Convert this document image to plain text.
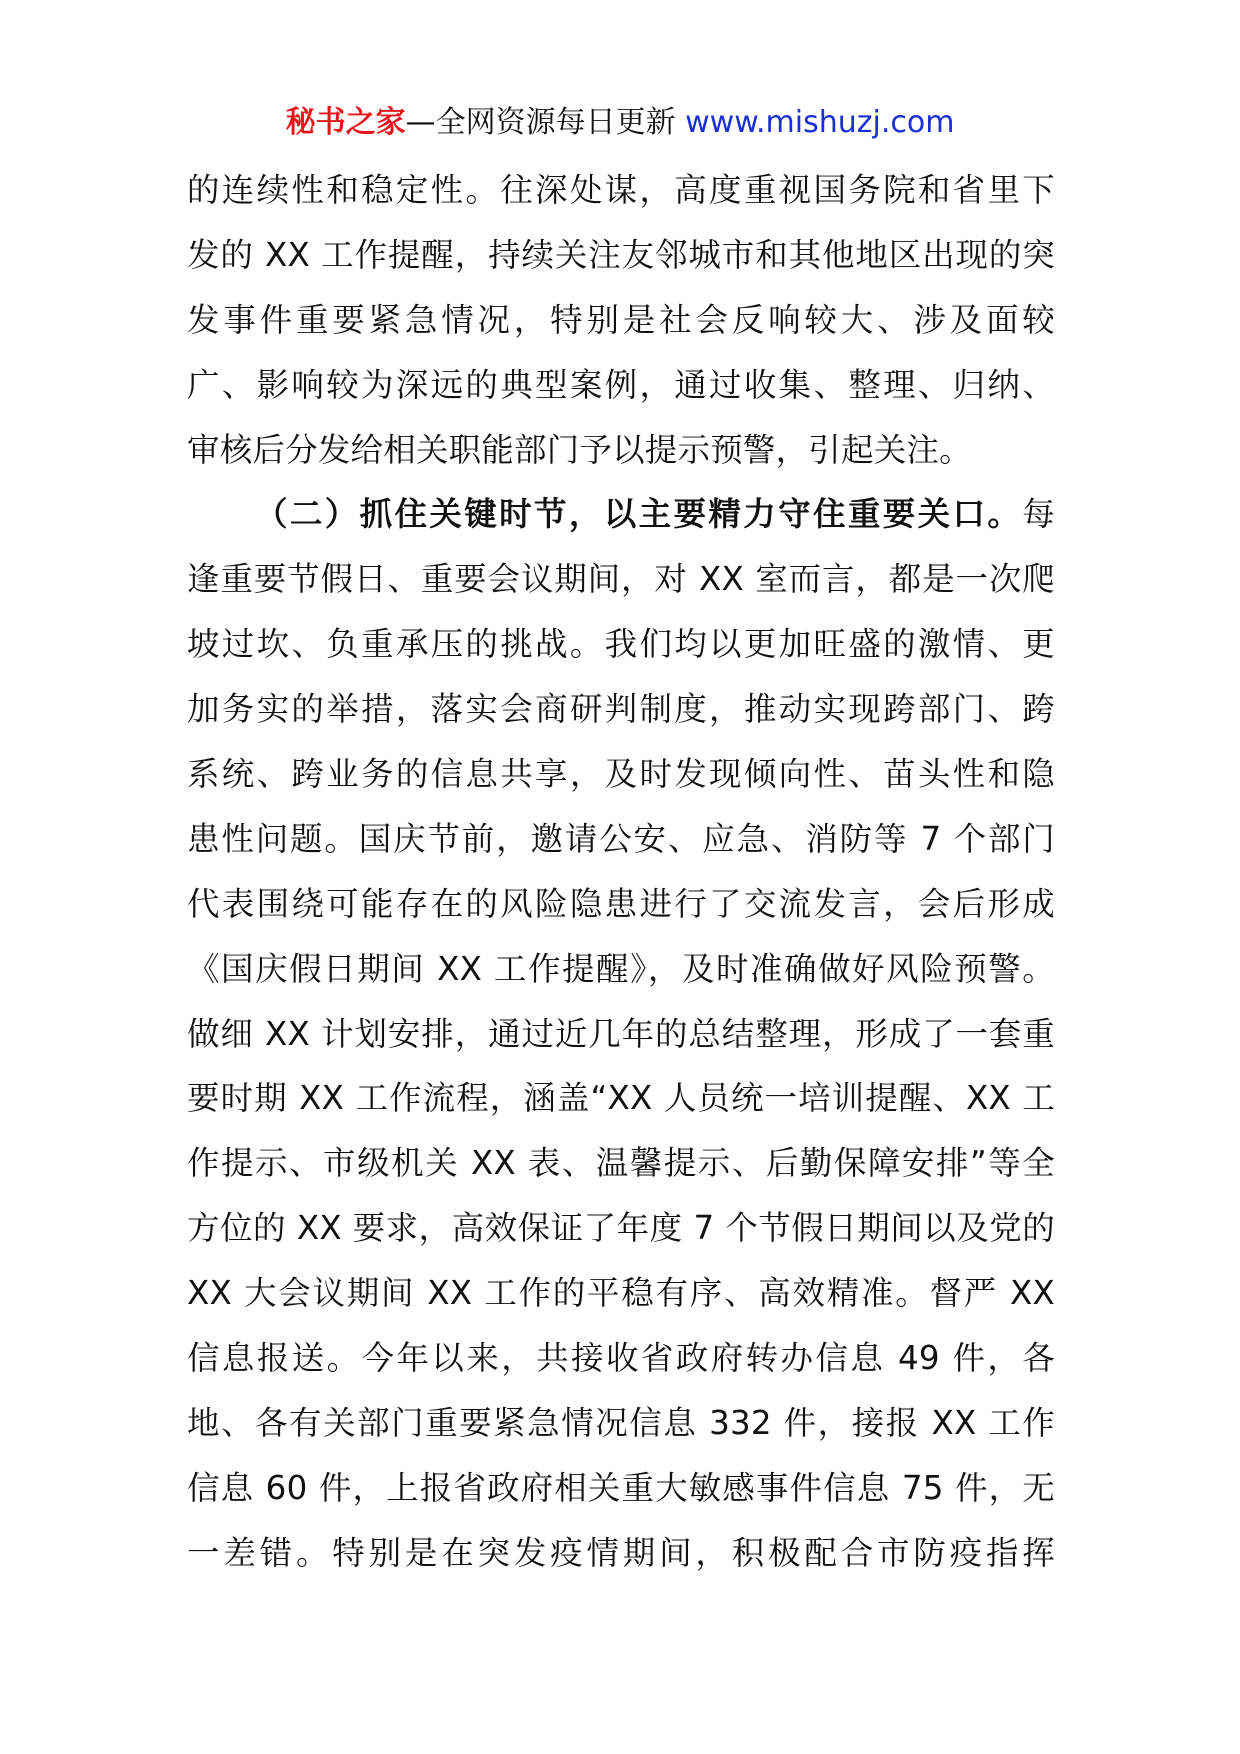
秘书之家—全网资源每日更新 www.mishuzj.com
的连续性和稳定性。往深处谋，高度重视国务院和省里下
发的 XX 工作提醒，持续关注友邻城市和其他地区出现的突
发事件重要紧急情况，特别是社会反响较大、涉及面较
广、影响较为深远的典型案例，通过收集、整理、归纳、
审核后分发给相关职能部门予以提示预警，引起关注。
（二）抓住关键时节，以主要精力守住重要关口。每
逢重要节假日、重要会议期间，对 XX 室而言，都是一次爬
坡过坎、负重承压的挑战。我们均以更加旺盛的激情、更
加务实的举措，落实会商研判制度，推动实现跨部门、跨
系统、跨业务的信息共享，及时发现倾向性、苗头性和隐
患性问题。国庆节前，邀请公安、应急、消防等 7 个部门
代表围绕可能存在的风险隐患进行了交流发言，会后形成
《国庆假日期间 XX 工作提醒》，及时准确做好风险预警。
做细 XX 计划安排，通过近几年的总结整理，形成了一套重
要时期 XX 工作流程，涵盖“XX 人员统一培训提醒、XX 工
作提示、市级机关 XX 表、温馨提示、后勤保障安排”等全
方位的 XX 要求，高效保证了年度 7 个节假日期间以及党的
XX 大会议期间 XX 工作的平稳有序、高效精准。督严 XX
信息报送。今年以来，共接收省政府转办信息 49 件，各
地、各有关部门重要紧急情况信息 332 件，接报 XX 工作
信息 60 件，上报省政府相关重大敏感事件信息 75 件，无
一差错。特别是在突发疫情期间，积极配合市防疫指挥
